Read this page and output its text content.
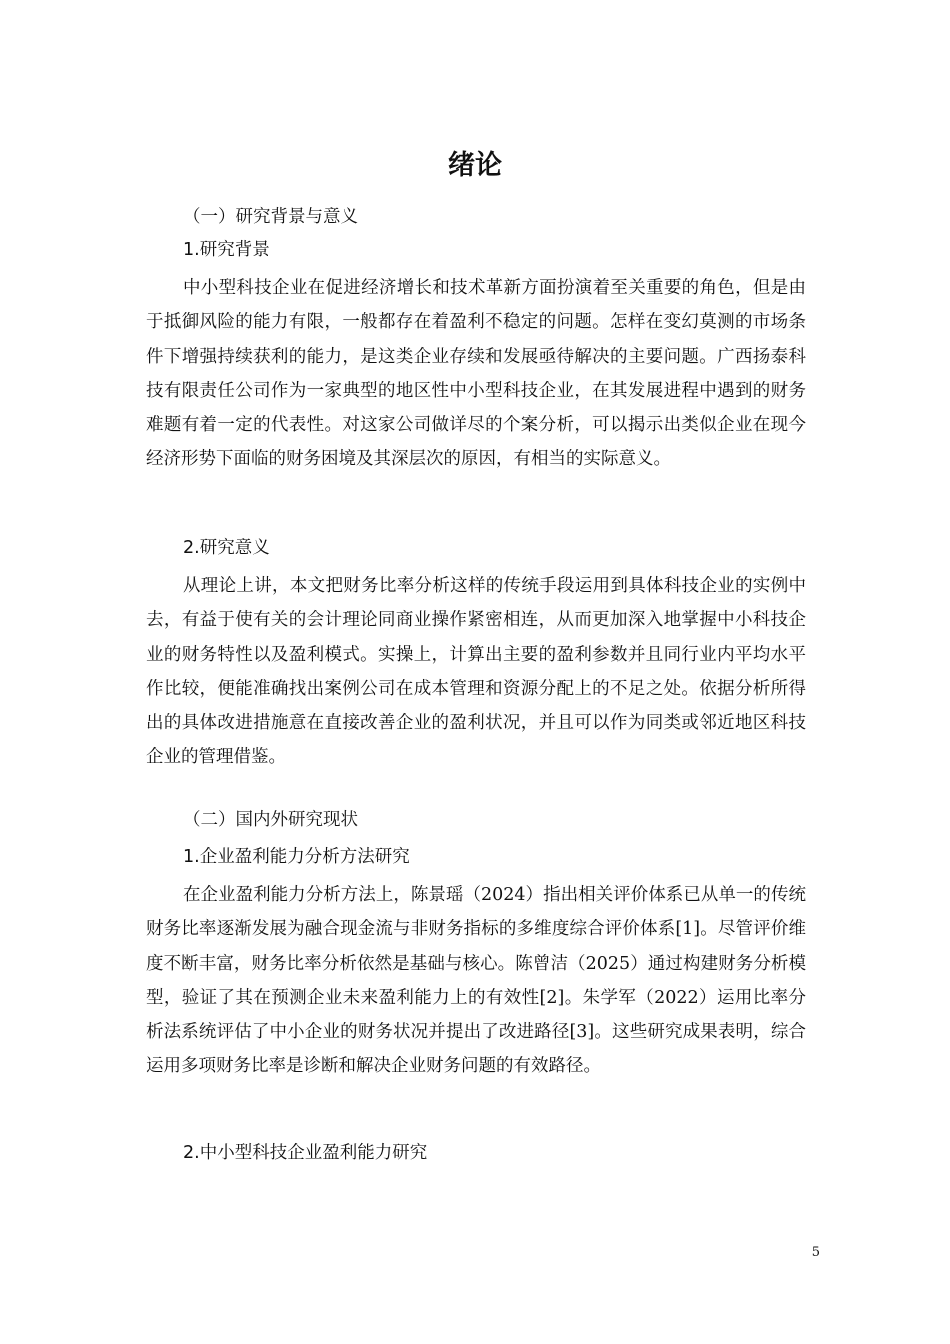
绪论
（一）研究背景与意义
1.研究背景

中小型科技企业在促进经济增长和技术革新方面扮演着至关重要的角色，但是由于抵御风险的能力有限，一般都存在着盈利不稳定的问题。怎样在变幻莫测的市场条件下增强持续获利的能力，是这类企业存续和发展亟待解决的主要问题。广西扬泰科技有限责任公司作为一家典型的地区性中小型科技企业，在其发展进程中遇到的财务难题有着一定的代表性。对这家公司做详尽的个案分析，可以揭示出类似企业在现今经济形势下面临的财务困境及其深层次的原因，有相当的实际意义。

2.研究意义

从理论上讲，本文把财务比率分析这样的传统手段运用到具体科技企业的实例中去，有益于使有关的会计理论同商业操作紧密相连，从而更加深入地掌握中小科技企业的财务特性以及盈利模式。实操上，计算出主要的盈利参数并且同行业内平均水平作比较，便能准确找出案例公司在成本管理和资源分配上的不足之处。依据分析所得出的具体改进措施意在直接改善企业的盈利状况，并且可以作为同类或邻近地区科技企业的管理借鉴。

（二）国内外研究现状
1.企业盈利能力分析方法研究

在企业盈利能力分析方法上，陈景瑶（2024）指出相关评价体系已从单一的传统财务比率逐渐发展为融合现金流与非财务指标的多维度综合评价体系[1]。尽管评价维度不断丰富，财务比率分析依然是基础与核心。陈曾洁（2025）通过构建财务分析模型，验证了其在预测企业未来盈利能力上的有效性[2]。朱学军（2022）运用比率分析法系统评估了中小企业的财务状况并提出了改进路径[3]。这些研究成果表明，综合运用多项财务比率是诊断和解决企业财务问题的有效路径。

2.中小型科技企业盈利能力研究
5
